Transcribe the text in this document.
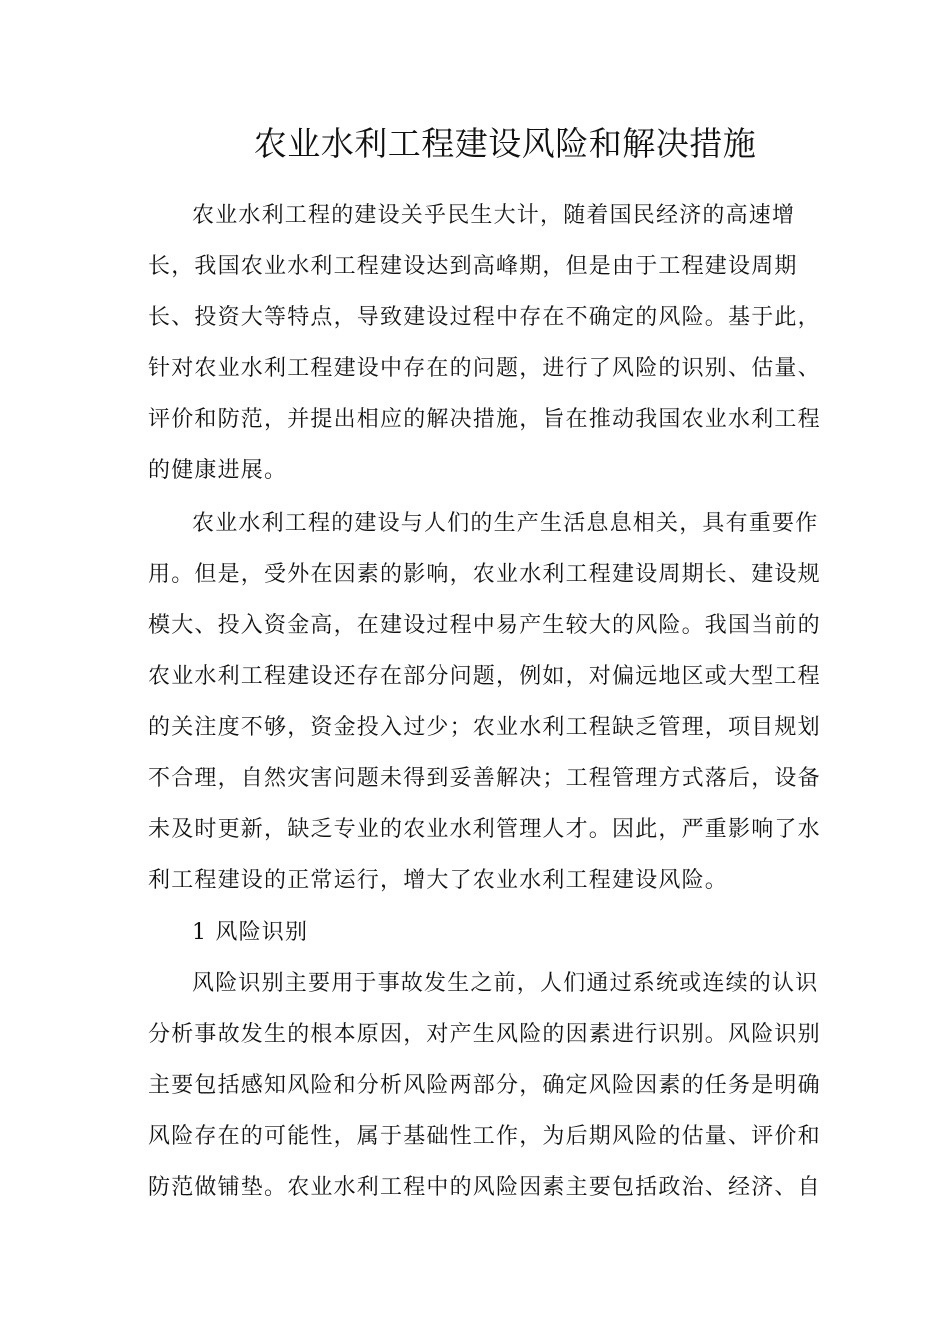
农业水利工程建设风险和解决措施
农业水利工程的建设关乎民生大计，随着国民经济的高速增
长，我国农业水利工程建设达到高峰期，但是由于工程建设周期
长、投资大等特点，导致建设过程中存在不确定的风险。基于此，
针对农业水利工程建设中存在的问题，进行了风险的识别、估量、
评价和防范，并提出相应的解决措施，旨在推动我国农业水利工程
的健康进展。
农业水利工程的建设与人们的生产生活息息相关，具有重要作
用。但是，受外在因素的影响，农业水利工程建设周期长、建设规
模大、投入资金高，在建设过程中易产生较大的风险。我国当前的
农业水利工程建设还存在部分问题，例如，对偏远地区或大型工程
的关注度不够，资金投入过少；农业水利工程缺乏管理，项目规划
不合理，自然灾害问题未得到妥善解决；工程管理方式落后，设备
未及时更新，缺乏专业的农业水利管理人才。因此，严重影响了水
利工程建设的正常运行，增大了农业水利工程建设风险。
1 风险识别
风险识别主要用于事故发生之前，人们通过系统或连续的认识
分析事故发生的根本原因，对产生风险的因素进行识别。风险识别
主要包括感知风险和分析风险两部分，确定风险因素的任务是明确
风险存在的可能性，属于基础性工作，为后期风险的估量、评价和
防范做铺垫。农业水利工程中的风险因素主要包括政治、经济、自
